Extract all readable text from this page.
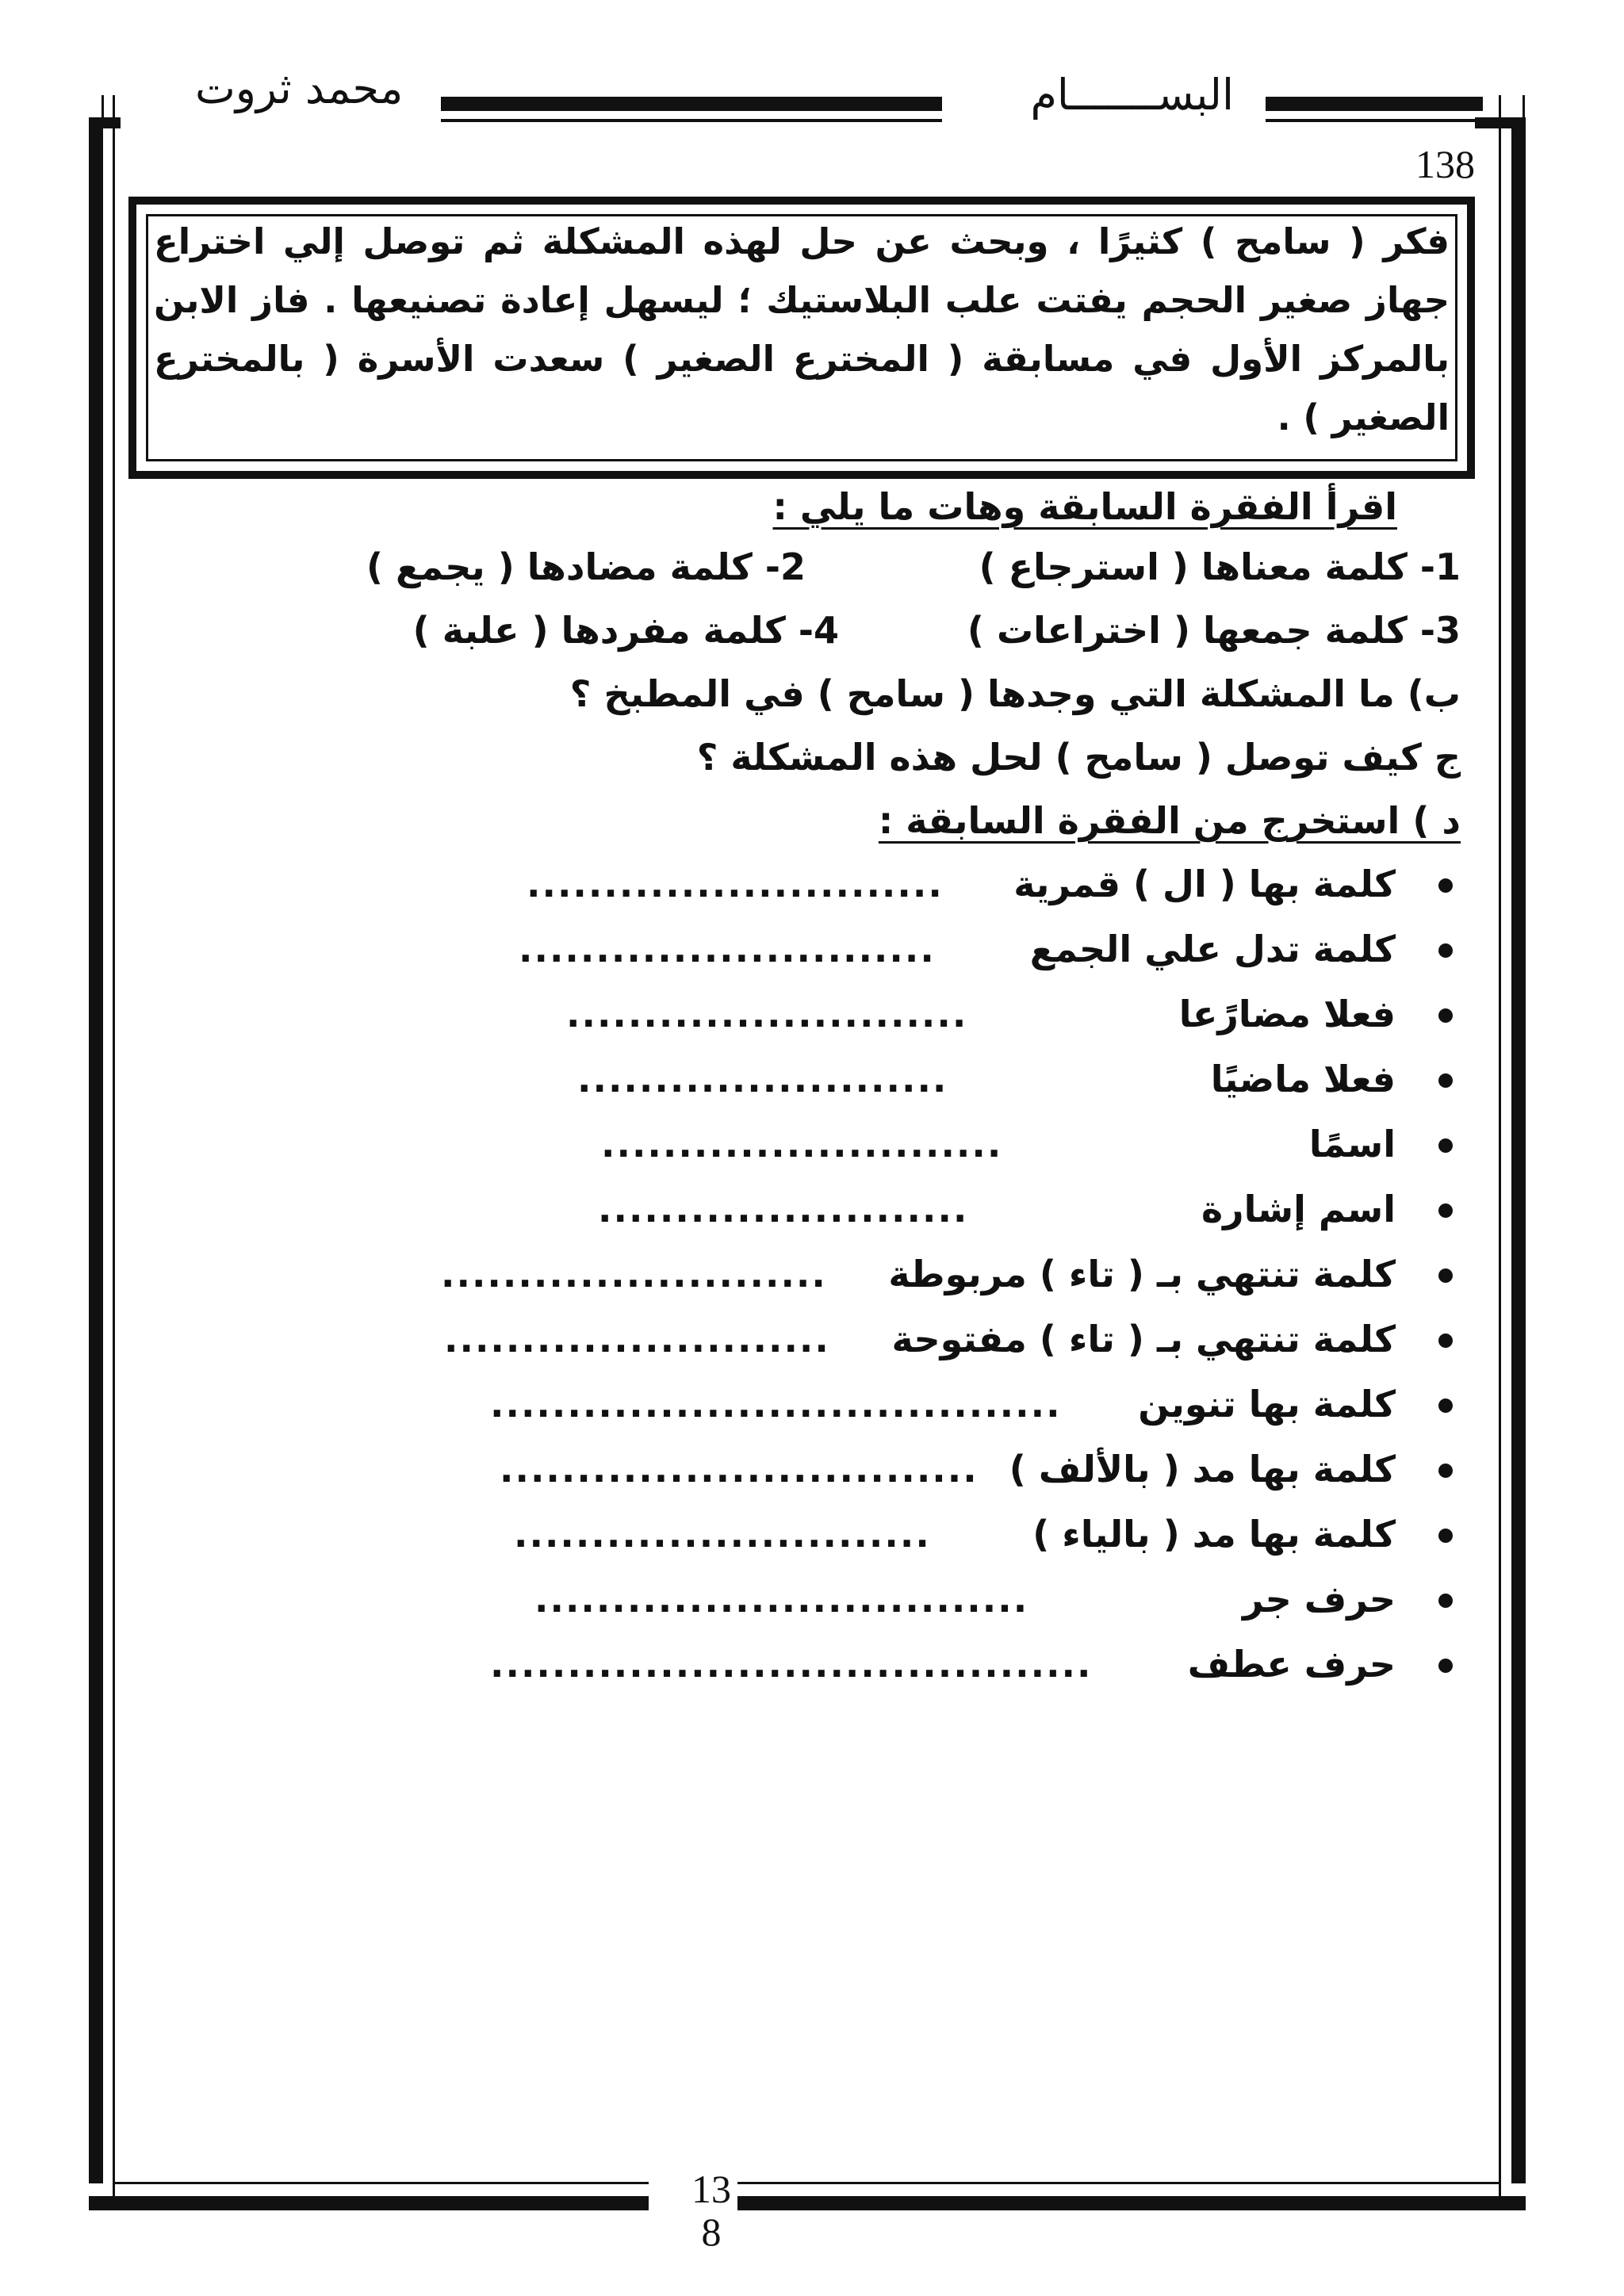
البســـــــام
محمد ثروت
138
فكر ( سامح ) كثيرًا ، وبحث عن حل لهذه المشكلة ثم توصل إلي اختراع
جهاز صغير الحجم يفتت علب البلاستيك ؛ ليسهل إعادة تصنيعها . فاز الابن
بالمركز الأول في مسابقة ( المخترع الصغير ) سعدت الأسرة ( بالمخترع
الصغير ) .
اقرأ الفقرة السابقة وهات ما يلي :
1- كلمة معناها ( استرجاع )
2- كلمة مضادها ( يجمع )
3- كلمة جمعها ( اختراعات )
4- كلمة مفردها ( علبة )
ب) ما المشكلة التي وجدها ( سامح ) في المطبخ ؟
ج كيف توصل ( سامح ) لحل هذه المشكلة ؟
د ) استخرج من الفقرة السابقة :
كلمة بها ( ال ) قمرية
...........................
كلمة تدل علي الجمع
...........................
فعلا مضارًعا
..........................
فعلا ماضيًا
........................
اسمًا
..........................
اسم إشارة
........................
كلمة تنتهي بـ ( تاء ) مربوطة
.........................
كلمة تنتهي بـ ( تاء ) مفتوحة
.........................
كلمة بها تنوين
.....................................
كلمة بها مد ( بالألف )
...............................
كلمة بها مد ( بالياء )
...........................
حرف جر
................................
حرف عطف
.......................................
13
8
